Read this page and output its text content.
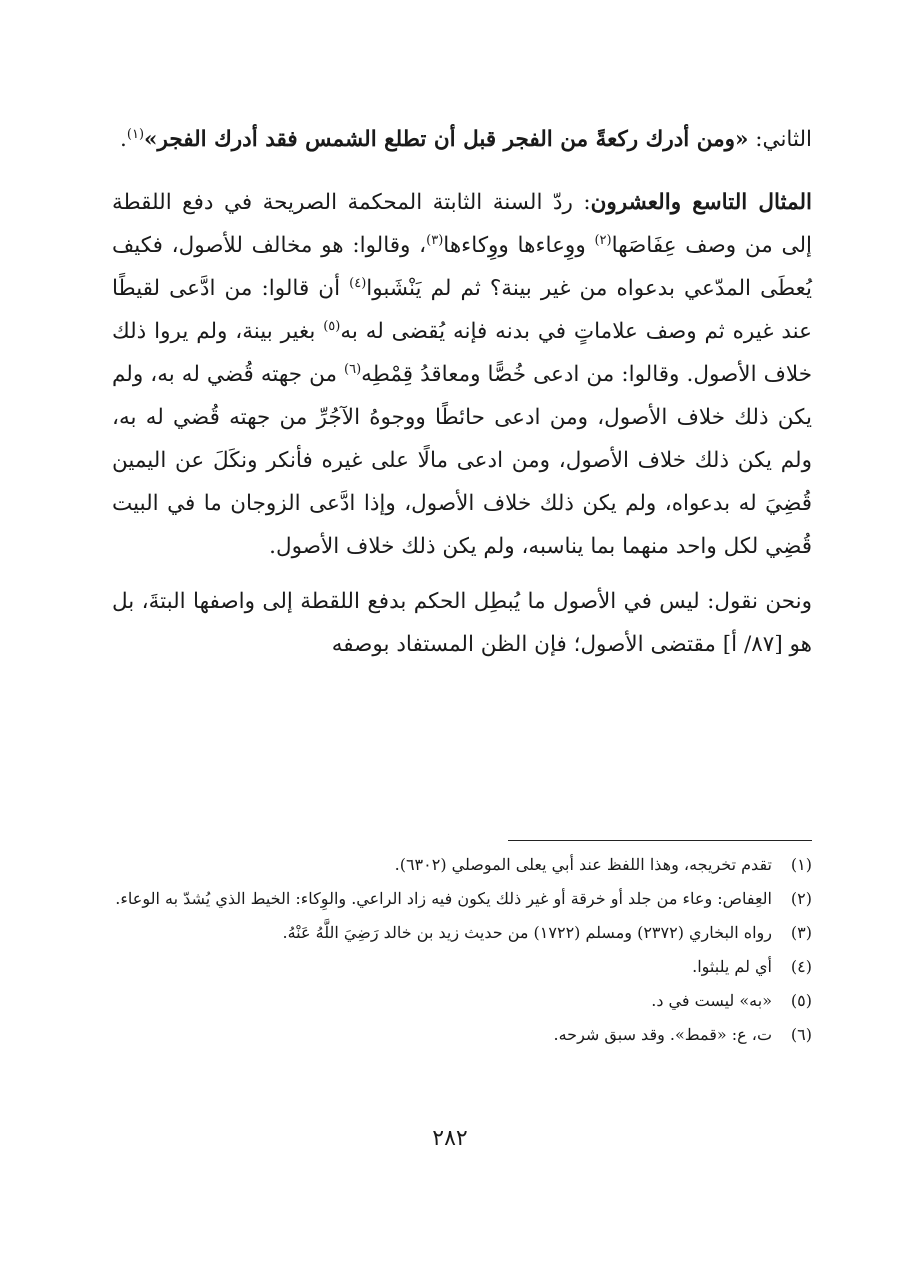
الثاني: «ومن أدرك ركعةً من الفجر قبل أن تطلع الشمس فقد أدرك الفجر»$^{(١)}$.

المثال التاسع والعشرون: ردّ السنة الثابتة المحكمة الصريحة في دفع اللقطة إلى من وصف عِفَاصَها$^{(٢)}$ ووِعاءها ووِكاءها$^{(٣)}$، وقالوا: هو مخالف للأصول، فكيف يُعطَى المدّعي بدعواه من غير بينة؟ ثم لم يَنْشَبوا$^{(٤)}$ أن قالوا: من ادَّعى لقيطًا عند غيره ثم وصف علاماتٍ في بدنه فإنه يُقضى له به$^{(٥)}$ بغير بينة، ولم يروا ذلك خلاف الأصول. وقالوا: من ادعى خُصًّا ومعاقدُ قِمْطِه$^{(٦)}$ من جهته قُضي له به، ولم يكن ذلك خلاف الأصول، ومن ادعى حائطًا ووجوهُ الآجُرِّ من جهته قُضي له به، ولم يكن ذلك خلاف الأصول، ومن ادعى مالًا على غيره فأنكر ونكَلَ عن اليمين قُضِيَ له بدعواه، ولم يكن ذلك خلاف الأصول، وإذا ادَّعى الزوجان ما في البيت قُضِي لكل واحد منهما بما يناسبه، ولم يكن ذلك خلاف الأصول.

ونحن نقول: ليس في الأصول ما يُبطِل الحكم بدفع اللقطة إلى واصفها البتةَ، بل هو [٨٧/ أ] مقتضى الأصول؛ فإن الظن المستفاد بوصفه

(١)
تقدم تخريجه، وهذا اللفظ عند أبي يعلى الموصلي (٦٣٠٢).
(٢)
العِفاص: وعاء من جلد أو خرقة أو غير ذلك يكون فيه زاد الراعي. والوِكاء: الخيط الذي يُشدّ به الوعاء.
(٣)
رواه البخاري (٢٣٧٢) ومسلم (١٧٢٢) من حديث زيد بن خالد رَضِيَ اللَّهُ عَنْهُ.
(٤)
أي لم يلبثوا.
(٥)
«به» ليست في د.
(٦)
ت، ع: «قمط». وقد سبق شرحه.
٢٨٢
